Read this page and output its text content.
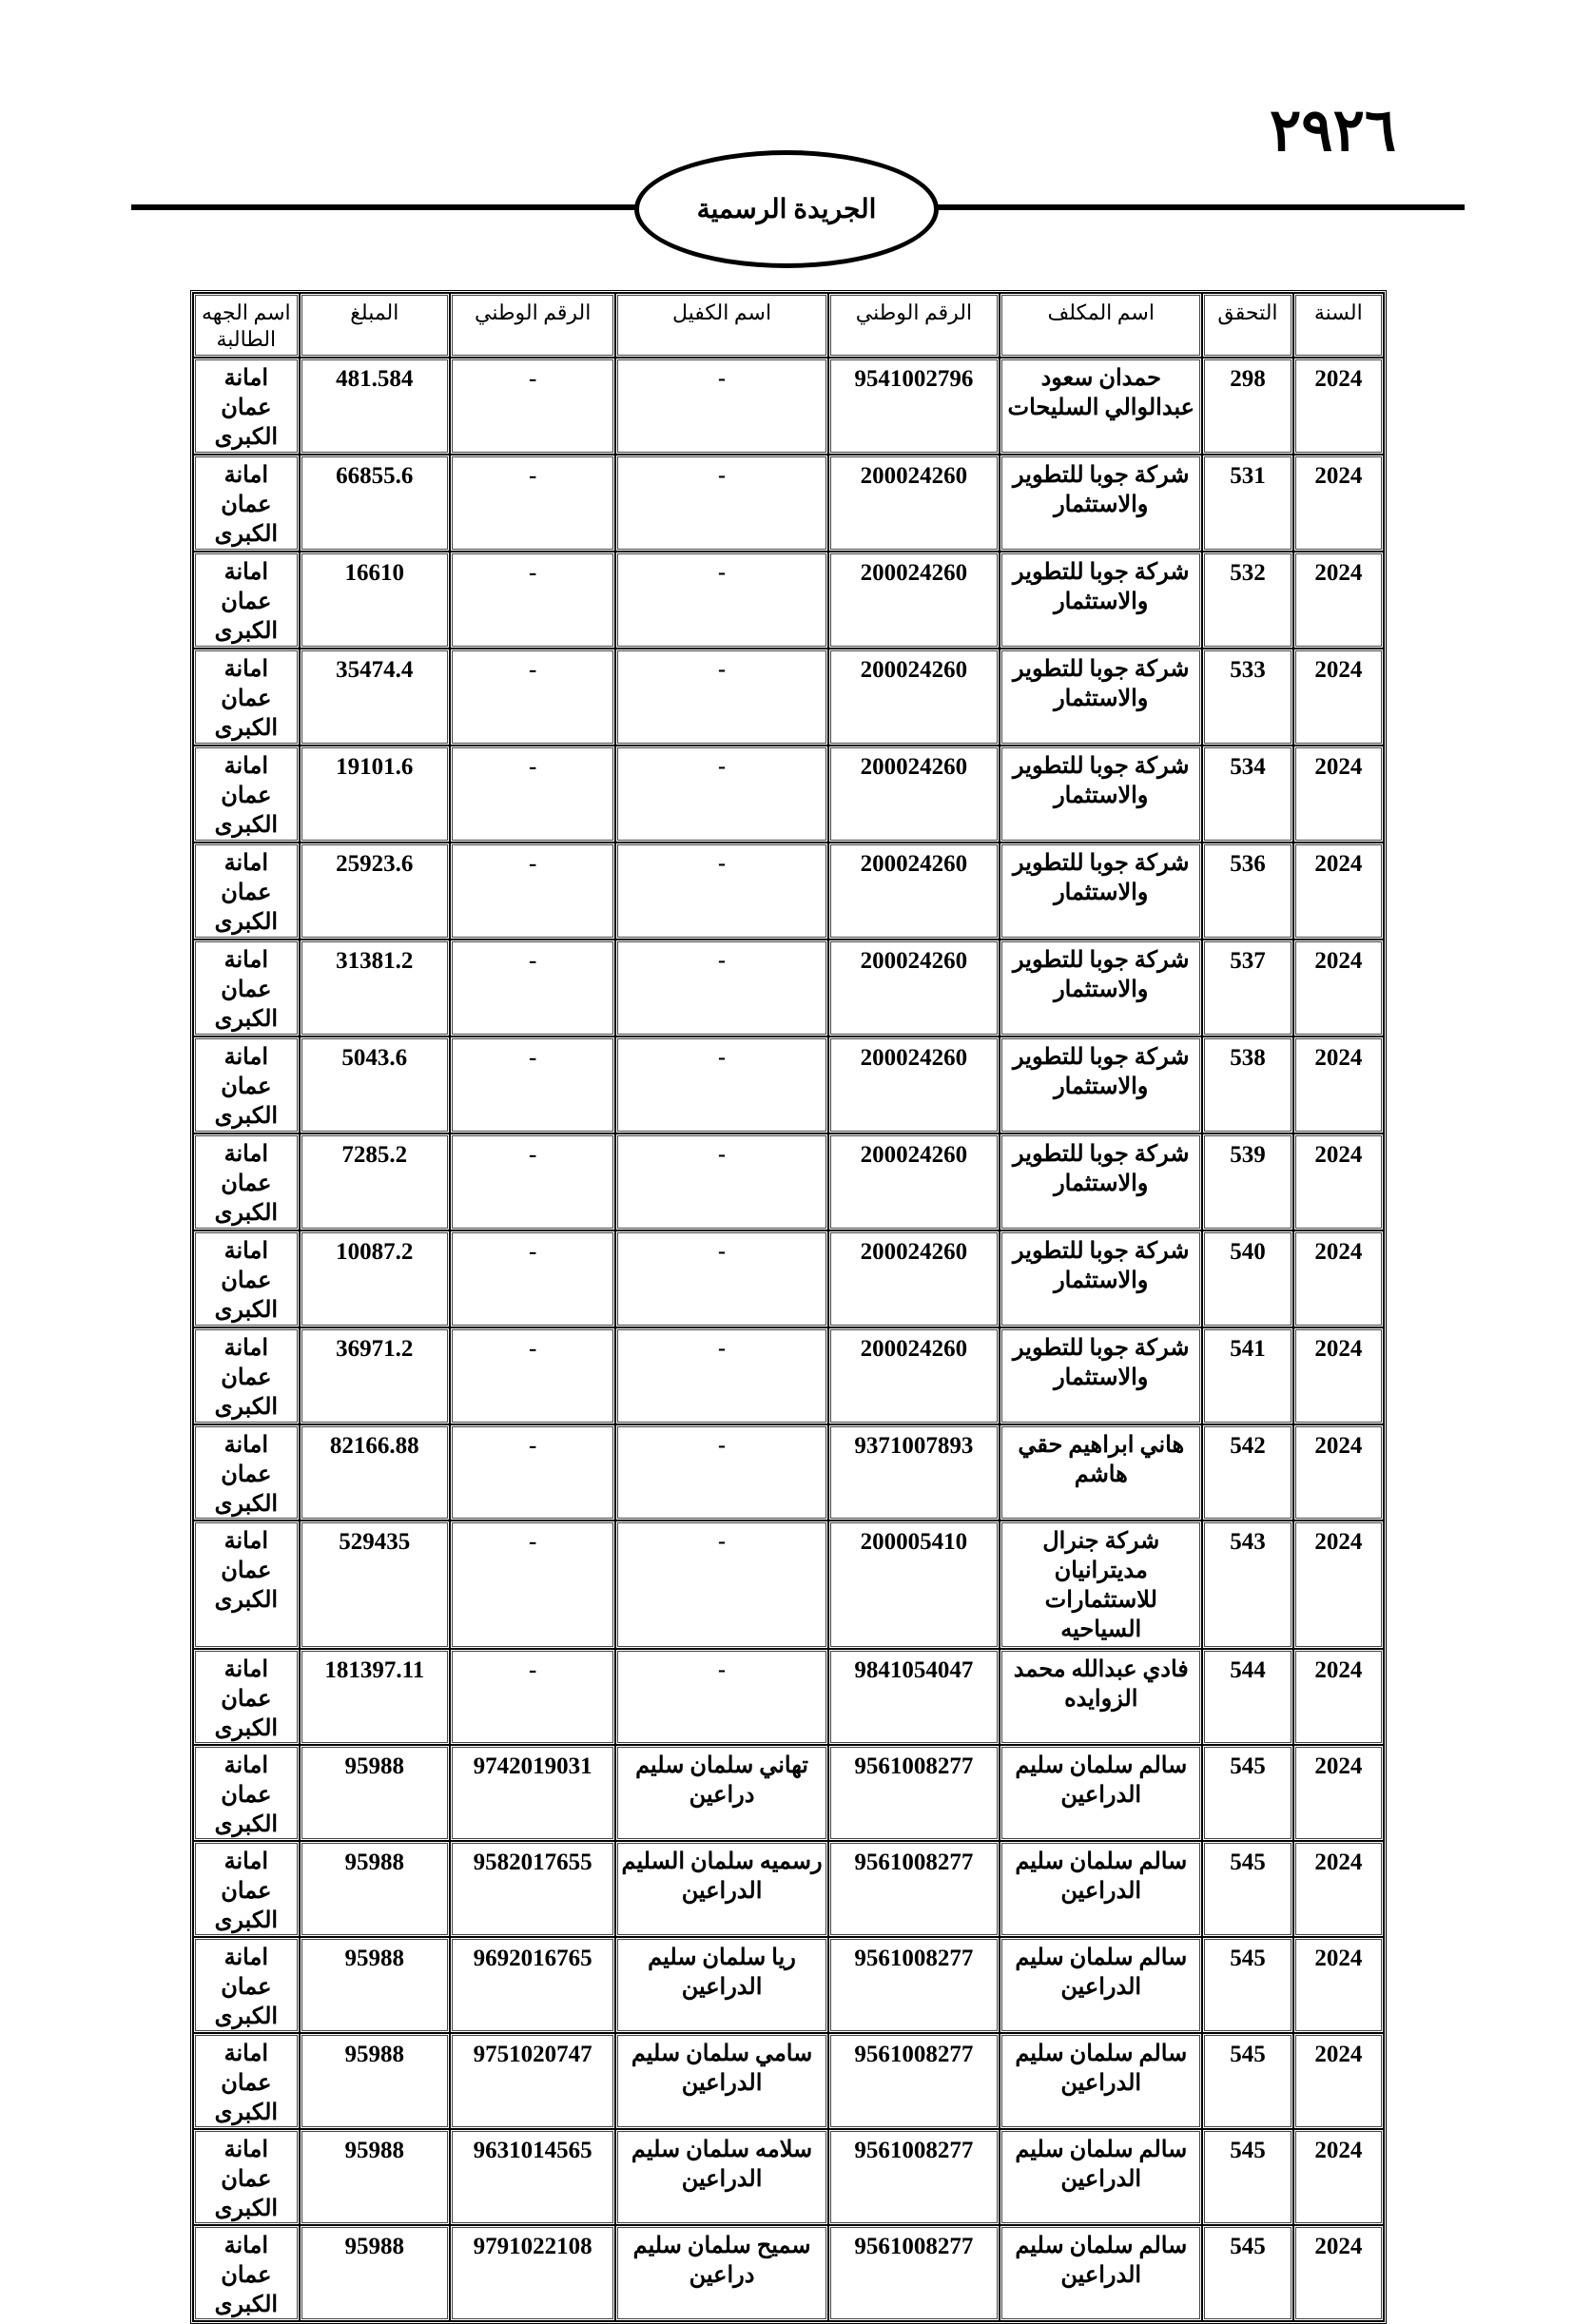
٢٩٢٦
الجريدة الرسمية
السنة	التحقق	اسم المكلف	الرقم الوطني	اسم الكفيل	الرقم الوطني	المبلغ	اسم الجهه الطالبة
2024	298	حمدان سعود عبدالوالي السليحات	9541002796	-	-	481.584	امانة عمان الكبرى
2024	531	شركة جوبا للتطوير والاستثمار	200024260	-	-	66855.6	امانة عمان الكبرى
2024	532	شركة جوبا للتطوير والاستثمار	200024260	-	-	16610	امانة عمان الكبرى
2024	533	شركة جوبا للتطوير والاستثمار	200024260	-	-	35474.4	امانة عمان الكبرى
2024	534	شركة جوبا للتطوير والاستثمار	200024260	-	-	19101.6	امانة عمان الكبرى
2024	536	شركة جوبا للتطوير والاستثمار	200024260	-	-	25923.6	امانة عمان الكبرى
2024	537	شركة جوبا للتطوير والاستثمار	200024260	-	-	31381.2	امانة عمان الكبرى
2024	538	شركة جوبا للتطوير والاستثمار	200024260	-	-	5043.6	امانة عمان الكبرى
2024	539	شركة جوبا للتطوير والاستثمار	200024260	-	-	7285.2	امانة عمان الكبرى
2024	540	شركة جوبا للتطوير والاستثمار	200024260	-	-	10087.2	امانة عمان الكبرى
2024	541	شركة جوبا للتطوير والاستثمار	200024260	-	-	36971.2	امانة عمان الكبرى
2024	542	هاني ابراهيم حقي هاشم	9371007893	-	-	82166.88	امانة عمان الكبرى
2024	543	شركة جنرال مديترانيان للاستثمارات السياحيه	200005410	-	-	529435	امانة عمان الكبرى
2024	544	فادي عبدالله محمد الزوايده	9841054047	-	-	181397.11	امانة عمان الكبرى
2024	545	سالم سلمان سليم الدراعين	9561008277	تهاني سلمان سليم دراعين	9742019031	95988	امانة عمان الكبرى
2024	545	سالم سلمان سليم الدراعين	9561008277	رسميه سلمان السليم الدراعين	9582017655	95988	امانة عمان الكبرى
2024	545	سالم سلمان سليم الدراعين	9561008277	ريا سلمان سليم الدراعين	9692016765	95988	امانة عمان الكبرى
2024	545	سالم سلمان سليم الدراعين	9561008277	سامي سلمان سليم الدراعين	9751020747	95988	امانة عمان الكبرى
2024	545	سالم سلمان سليم الدراعين	9561008277	سلامه سلمان سليم الدراعين	9631014565	95988	امانة عمان الكبرى
2024	545	سالم سلمان سليم الدراعين	9561008277	سميح سلمان سليم دراعين	9791022108	95988	امانة عمان الكبرى
